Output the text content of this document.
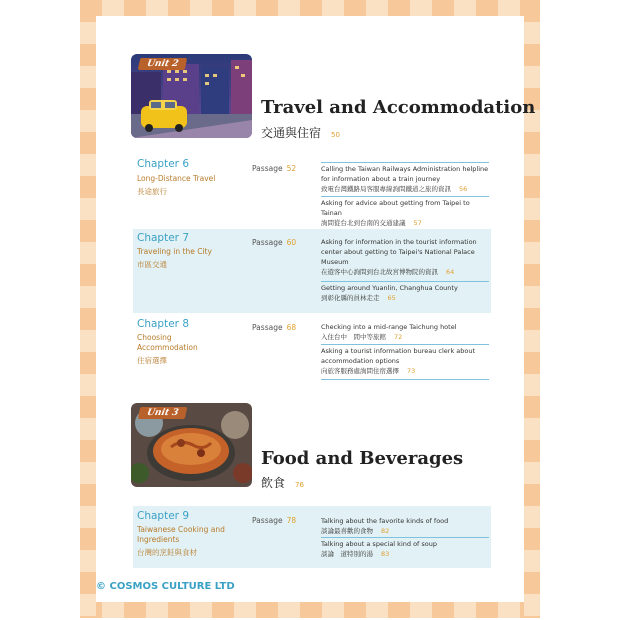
Unit 2
Travel and Accommodation
交通與住宿 50
Chapter 6
Long-Distance Travel
長途旅行
Passage 52	Calling the Taiwan Railways Administration helpline for information about a train journey
致電台灣鐵路局客服專線詢問鐵道之旅的資訊 56
Asking for advice about getting from Taipei to Tainan
詢問從台北到台南的交通建議 57
Chapter 7
Traveling in the City
市區交通
Passage 60	Asking for information in the tourist information center about getting to Taipei's National Palace Museum
在遊客中心詢問到台北故宮博物院的資訊 64
Getting around Yuanlin, Changhua County
到彰化縣的員林走走 65
Chapter 8
Choosing Accommodation
住宿選擇
Passage 68	Checking into a mid-range Taichung hotel
入住台中　間中等旅館 72
Asking a tourist information bureau clerk about accommodation options
向旅客服務處詢問住宿選擇 73
Unit 3
Food and Beverages
飲食 76
Chapter 9
Taiwanese Cooking and Ingredients
台灣的烹飪與食材
Passage 78	Talking about the favorite kinds of food
談論最喜歡的食物 82
Talking about a special kind of soup
談論　道特別的湯 83
© COSMOS CULTURE LTD
